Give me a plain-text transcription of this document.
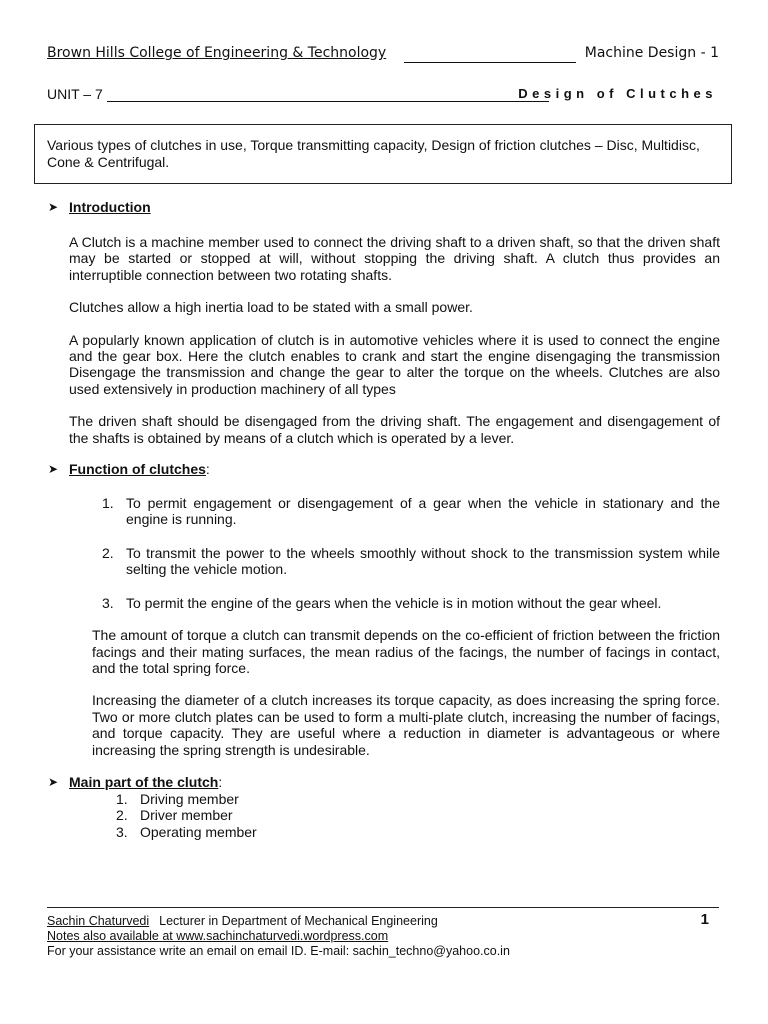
Brown Hills College of Engineering & Technology	Machine Design - 1
UNIT – 7	Design of Clutches
Various types of clutches in use, Torque transmitting capacity, Design of friction clutches – Disc, Multidisc, Cone & Centrifugal.
➤ Introduction

A Clutch is a machine member used to connect the driving shaft to a driven shaft, so that the driven shaft may be started or stopped at will, without stopping the driving shaft. A clutch thus provides an interruptible connection between two rotating shafts.

Clutches allow a high inertia load to be stated with a small power.

A popularly known application of clutch is in automotive vehicles where it is used to connect the engine and the gear box. Here the clutch enables to crank and start the engine disengaging the transmission Disengage the transmission and change the gear to alter the torque on the wheels. Clutches are also used extensively in production machinery of all types

The driven shaft should be disengaged from the driving shaft. The engagement and disengagement of the shafts is obtained by means of a clutch which is operated by a lever.

➤ Function of clutches :
1. To permit engagement or disengagement of a gear when the vehicle in stationary and the engine is running.
2. To transmit the power to the wheels smoothly without shock to the transmission system while selting the vehicle motion.
3. To permit the engine of the gears when the vehicle is in motion without the gear wheel.

The amount of torque a clutch can transmit depends on the co-efficient of friction between the friction facings and their mating surfaces, the mean radius of the facings, the number of facings in contact, and the total spring force.

Increasing the diameter of a clutch increases its torque capacity, as does increasing the spring force. Two or more clutch plates can be used to form a multi-plate clutch, increasing the number of facings, and torque capacity. They are useful where a reduction in diameter is advantageous or where increasing the spring strength is undesirable.

➤ Main part of the clutch :
1. Driving member
2. Driver member
3. Operating member
Sachin Chaturvedi Lecturer in Department of Mechanical Engineering	1
Notes also available at www.sachinchaturvedi.wordpress.com
For your assistance write an email on email ID. E-mail: sachin_techno@yahoo.co.in
